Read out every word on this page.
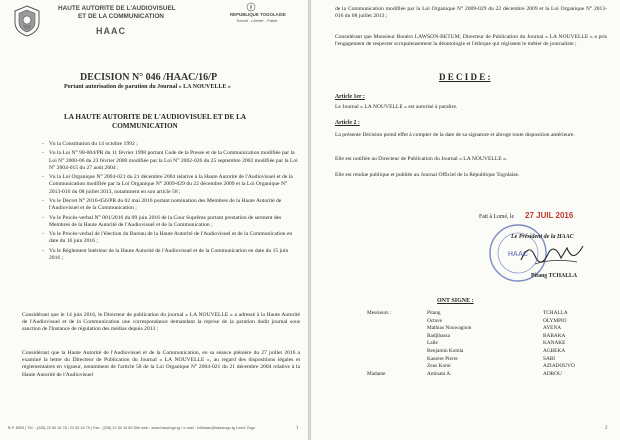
HAUTE AUTORITE DE L'AUDIOVISUEL
ET DE LA COMMUNICATION
HAAC
REPUBLIQUE TOGOLAISE
Travail - Liberté - Patrie
DECISION N° 046 /HAAC/16/P
Portant autorisation de parution du Journal « LA NOUVELLE »
LA HAUTE AUTORITE DE L'AUDIOVISUEL ET DE LA
COMMUNICATION
- Vu la Constitution du 14 octobre 1992 ;
- Vu la Loi N° 98-004/PR du 11 février 1998 portant Code de la Presse et de la Communication modifiée par la Loi N° 2000-06 du 23 février 2000 modifiée par la Loi N° 2002-026 du 25 septembre 2002 modifiée par la Loi N° 2004-015 du 27 août 2004 ;
- Vu la Loi Organique N° 2004-021 du 21 décembre 2004 relative à la Haute Autorité de l'Audiovisuel et de la Communication modifiée par la Loi Organique N° 2009-029 du 22 décembre 2009 et la Loi Organique N° 2013-016 du 08 juillet 2013, notamment en son article 58 ;
- Vu le Décret N° 2016-056/PR du 02 mai 2016 portant nomination des Membres de la Haute Autorité de l'Audiovisuel et de la Communication ;
- Vu le Procès-verbal N° 001/2016 du 09 juin 2016 de la Cour Suprême portant prestation de serment des Membres de la Haute Autorité de l'Audiovisuel et de la Communication ;
- Vu le Procès-verbal de l'élection du Bureau de la Haute Autorité de l'Audiovisuel et de la Communication en date du 16 juin 2016 ;
- Vu le Règlement Intérieur de la Haute Autorité de l'Audiovisuel et de la Communication en date du 15 juin 2016 ;
Considérant que le 14 juin 2016, le Directeur de publication du journal « LA NOUVELLE » a adressé à la Haute Autorité de l'Audiovisuel et de la Communication une correspondance demandant la reprise de la parution dudit journal sous sanction de l'Instance de régulation des médias depuis 2013 ;
Considérant que la Haute Autorité de l'Audiovisuel et de la Communication, en sa séance plénière du 27 juillet 2016 a examiné la lettre du Directeur de Publication du Journal « LA NOUVELLE », au regard des dispositions légales et réglementaires en vigueur, notamment de l'article 58 de la Loi Organique N° 2004-021 du 21 décembre 2004 relative à la Haute Autorité de l'Audiovisuel
B.P. 8553 | Tél. : (228) 22 50 16 78 / 22 50 16 79 | Fax : (228) 22 50 16 80 Site web : www.haactogo.tg / e-mail : infohaac@haactogo.tg Lomé-Togo	1
de la Communication modifiée par la Loi Organique N° 2009-029 du 22 décembre 2009 et la Loi Organique N° 2013-016 du 08 juillet 2013 ;
Considérant que Monsieur Bonéro LAWSON-BETUM, Directeur de Publication du Journal « LA NOUVELLE » a pris l'engagement de respecter scrupuleusement la déontologie et l'éthique qui régissent le métier de journaliste ;
D E C I D E :
Article 1er :
Le Journal « LA NOUVELLE » est autorisé à paraître.
Article 2 :
La présente Décision prend effet à compter de la date de sa signature et abroge toute disposition antérieure.
Elle est notifiée au Directeur de Publication du Journal « LA NOUVELLE ».
Elle est rendue publique et publiée au Journal Officiel de la République Togolaise.
Fait à Lomé, le 27 JUIL 2016
HAAC
Le Président de la HAAC
Pitang TCHALLA
ONT SIGNE :
Messieurs :	Pitang	TCHALLA
Octave	OLYMPIO
Mathias Nouwagnon	AYENA
Badjibassa	BABAKA
Lalle	KANAKE
Benjamin Komla	AGBEKA
Kassére Pierre	SABI
Zeus Komi	AZIADOUVO
Madame	Aminata A.	ADROU
2
